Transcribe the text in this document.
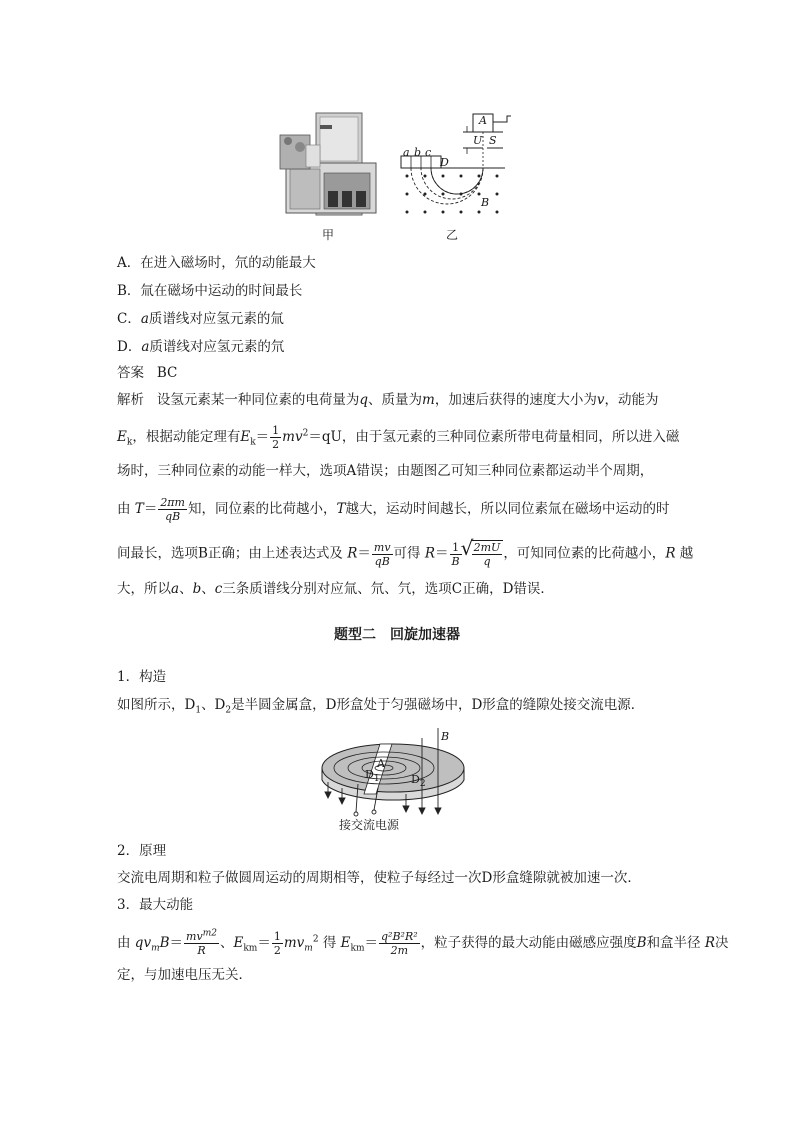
A
U S
a b c
D
B
甲	乙
A．在进入磁场时，氘的动能最大
B．氚在磁场中运动的时间最长
C．a质谱线对应氢元素的氚
D．a质谱线对应氢元素的氘
答案 BC
解析 设氢元素某一种同位素的电荷量为q、质量为m，加速后获得的速度大小为v，动能为
$E_k$，根据动能定理有$E_k= \frac{1}{2} mv^2=qU$，由于氢元素的三种同位素所带电荷量相同，所以进入磁
场时，三种同位素的动能一样大，选项A错误；由题图乙可知三种同位素都运动半个周期，
由 $T= \frac{2\pi m}{qB}$ 知，同位素的比荷越小，T越大，运动时间越长，所以同位素氚在磁场中运动的时
间最长，选项B正确；由上述表达式及 $R= \frac{mv}{qB}$ 可得 $R= \frac{1}{B}$
√ $\frac{2mU}{q}$ ，可知同位素的比荷越小，R 越
大，所以a、b、c三条质谱线分别对应氚、氘、氕，选项C正确，D错误．
题型二　回旋加速器
1．构造
如图所示，$D_1$、$D_2$是半圆金属盒，D形盒处于匀强磁场中，D形盒的缝隙处接交流电源．
B
A
$D_1$	$D_2$
接交流电源
2．原理
交流电周期和粒子做圆周运动的周期相等，使粒子每经过一次D形盒缝隙就被加速一次．
3．最大动能
由 $qv_mB= \frac{mv^{m2}}{R}$ 、$E_{km}= \frac{1}{2} mv_m^2$ 得 $E_{km}= \frac{\text{q²B²R²}}{2m}$ ，粒子获得的最大动能由磁感应强度B和盒半径 R决
定，与加速电压无关．
